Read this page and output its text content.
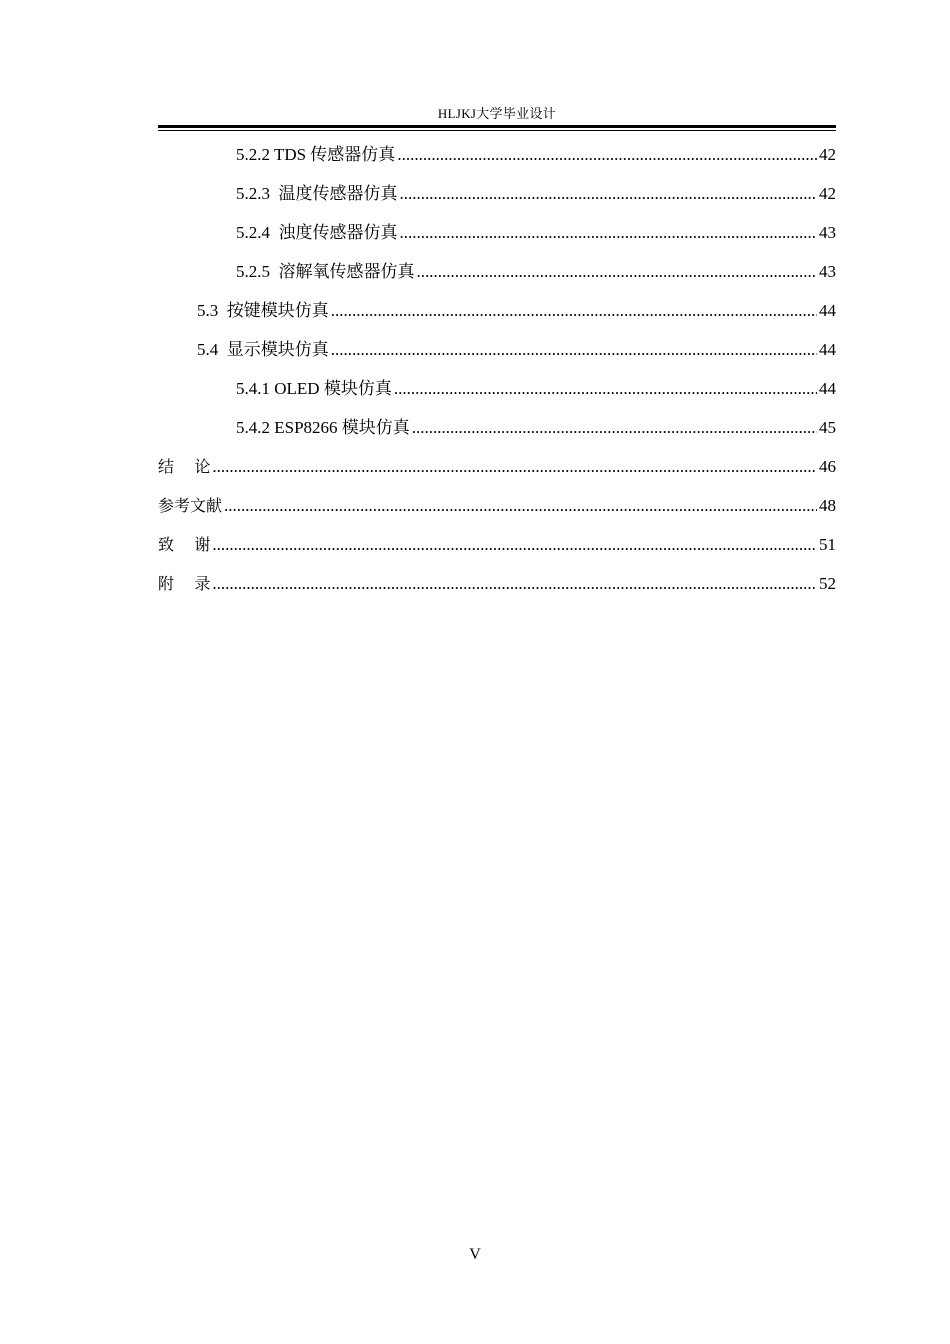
HLJKJ大学毕业设计
5.2.2 TDS 传感器仿真 .....	42
5.2.3  温度传感器仿真 .....	42
5.2.4  浊度传感器仿真 .....	43
5.2.5  溶解氧传感器仿真 .....	43
5.3  按键模块仿真 .....	44
5.4  显示模块仿真 .....	44
5.4.1 OLED 模块仿真 .....	44
5.4.2 ESP8266 模块仿真 .....	45
结    论 .....	46
参考文献 .....	48
致    谢 .....	51
附    录 .....	52
V
